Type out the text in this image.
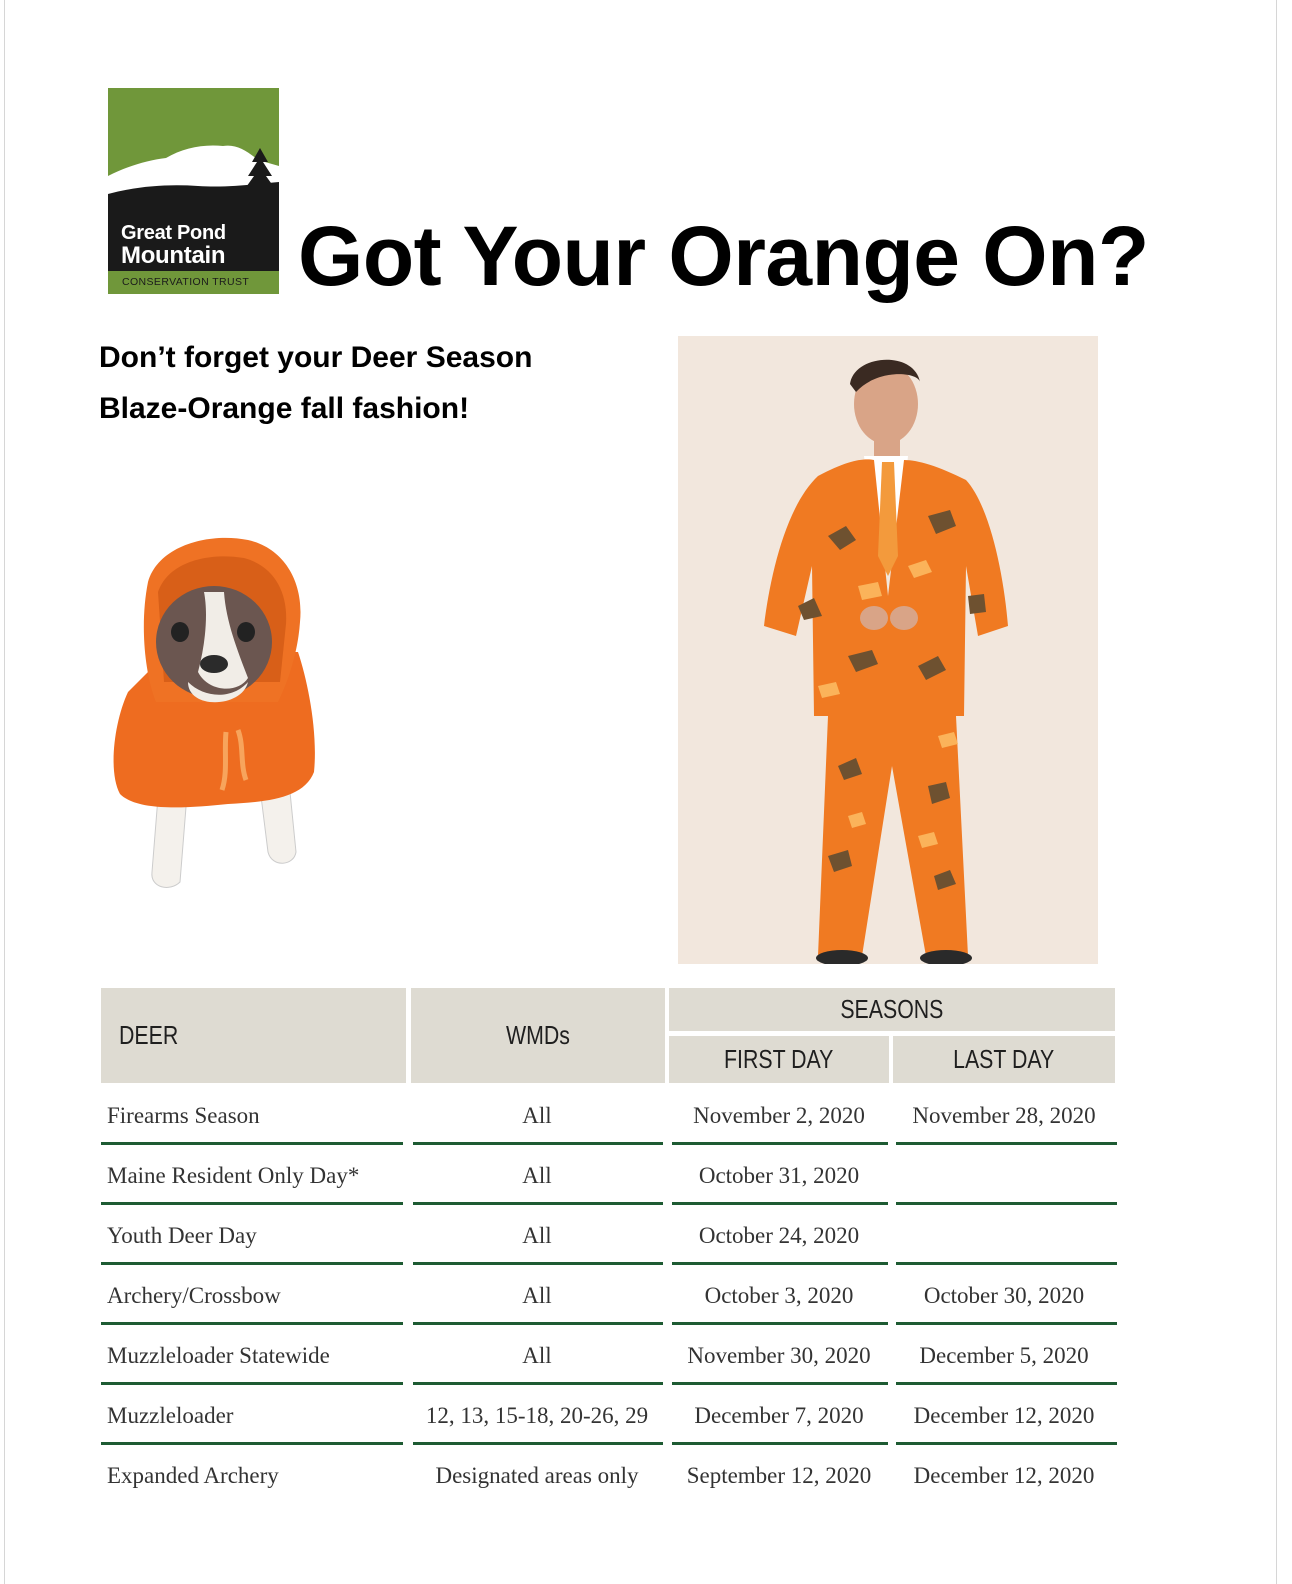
Great Pond
Mountain
CONSERVATION TRUST Got Your Orange On?
Don’t forget your Deer Season
Blaze-Orange fall fashion!
DEER	WMDs
SEASONS
FIRST DAY	LAST DAY
Firearms Season	All	November 2, 2020	November 28, 2020
Maine Resident Only Day*	All	October 31, 2020
Youth Deer Day	All	October 24, 2020
Archery/Crossbow	All	October 3, 2020	October 30, 2020
Muzzleloader Statewide	All	November 30, 2020	December 5, 2020
Muzzleloader	12, 13, 15-18, 20-26, 29	December 7, 2020	December 12, 2020
Expanded Archery	Designated areas only	September 12, 2020	December 12, 2020
